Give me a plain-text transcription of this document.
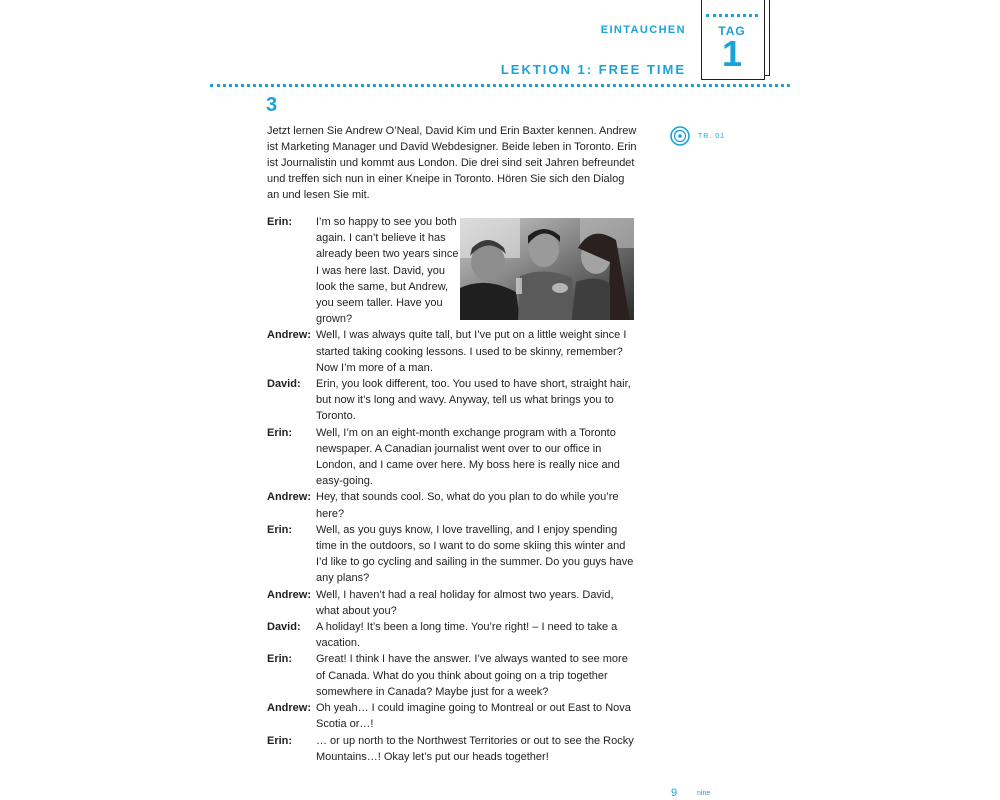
EINTAUCHEN
LEKTION 1: FREE TIME
TAG
1
3
Jetzt lernen Sie Andrew O’Neal, David Kim und Erin Baxter kennen. Andrew ist Marketing Manager und David Webdesigner. Beide leben in Toronto. Erin ist Journalistin und kommt aus London. Die drei sind seit Jahren befreundet und treffen sich nun in einer Kneipe in Toronto. Hören Sie sich den Dialog an und lesen Sie mit.
TR. 01
Erin:	I’m so happy to see you both again. I can’t believe it has already been two years since I was here last. David, you look the same, but Andrew, you seem taller. Have you grown?
Andrew: Well, I was always quite tall, but I’ve put on a little weight since I started taking cooking lessons. I used to be skinny, remember? Now I’m more of a man.
David:	Erin, you look different, too. You used to have short, straight hair, but now it’s long and wavy. Anyway, tell us what brings you to Toronto.
Erin:	Well, I’m on an eight-month exchange program with a Toronto newspaper. A Canadian journalist went over to our office in London, and I came over here. My boss here is really nice and easy-going.
Andrew: Hey, that sounds cool. So, what do you plan to do while you’re here?
Erin:	Well, as you guys know, I love travelling, and I enjoy spending time in the outdoors, so I want to do some skiing this winter and I’d like to go cycling and sailing in the summer. Do you guys have any plans?
Andrew: Well, I haven’t had a real holiday for almost two years. David, what about you?
David:	A holiday! It’s been a long time. You’re right! – I need to take a vacation.
Erin:	Great! I think I have the answer. I’ve always wanted to see more of Canada. What do you think about going on a trip together somewhere in Canada? Maybe just for a week?
Andrew: Oh yeah… I could imagine going to Montreal or out East to Nova Scotia or…!
Erin:	… or up north to the Northwest Territories or out to see the Rocky Mountains…! Okay let’s put our heads together!
9	nine
